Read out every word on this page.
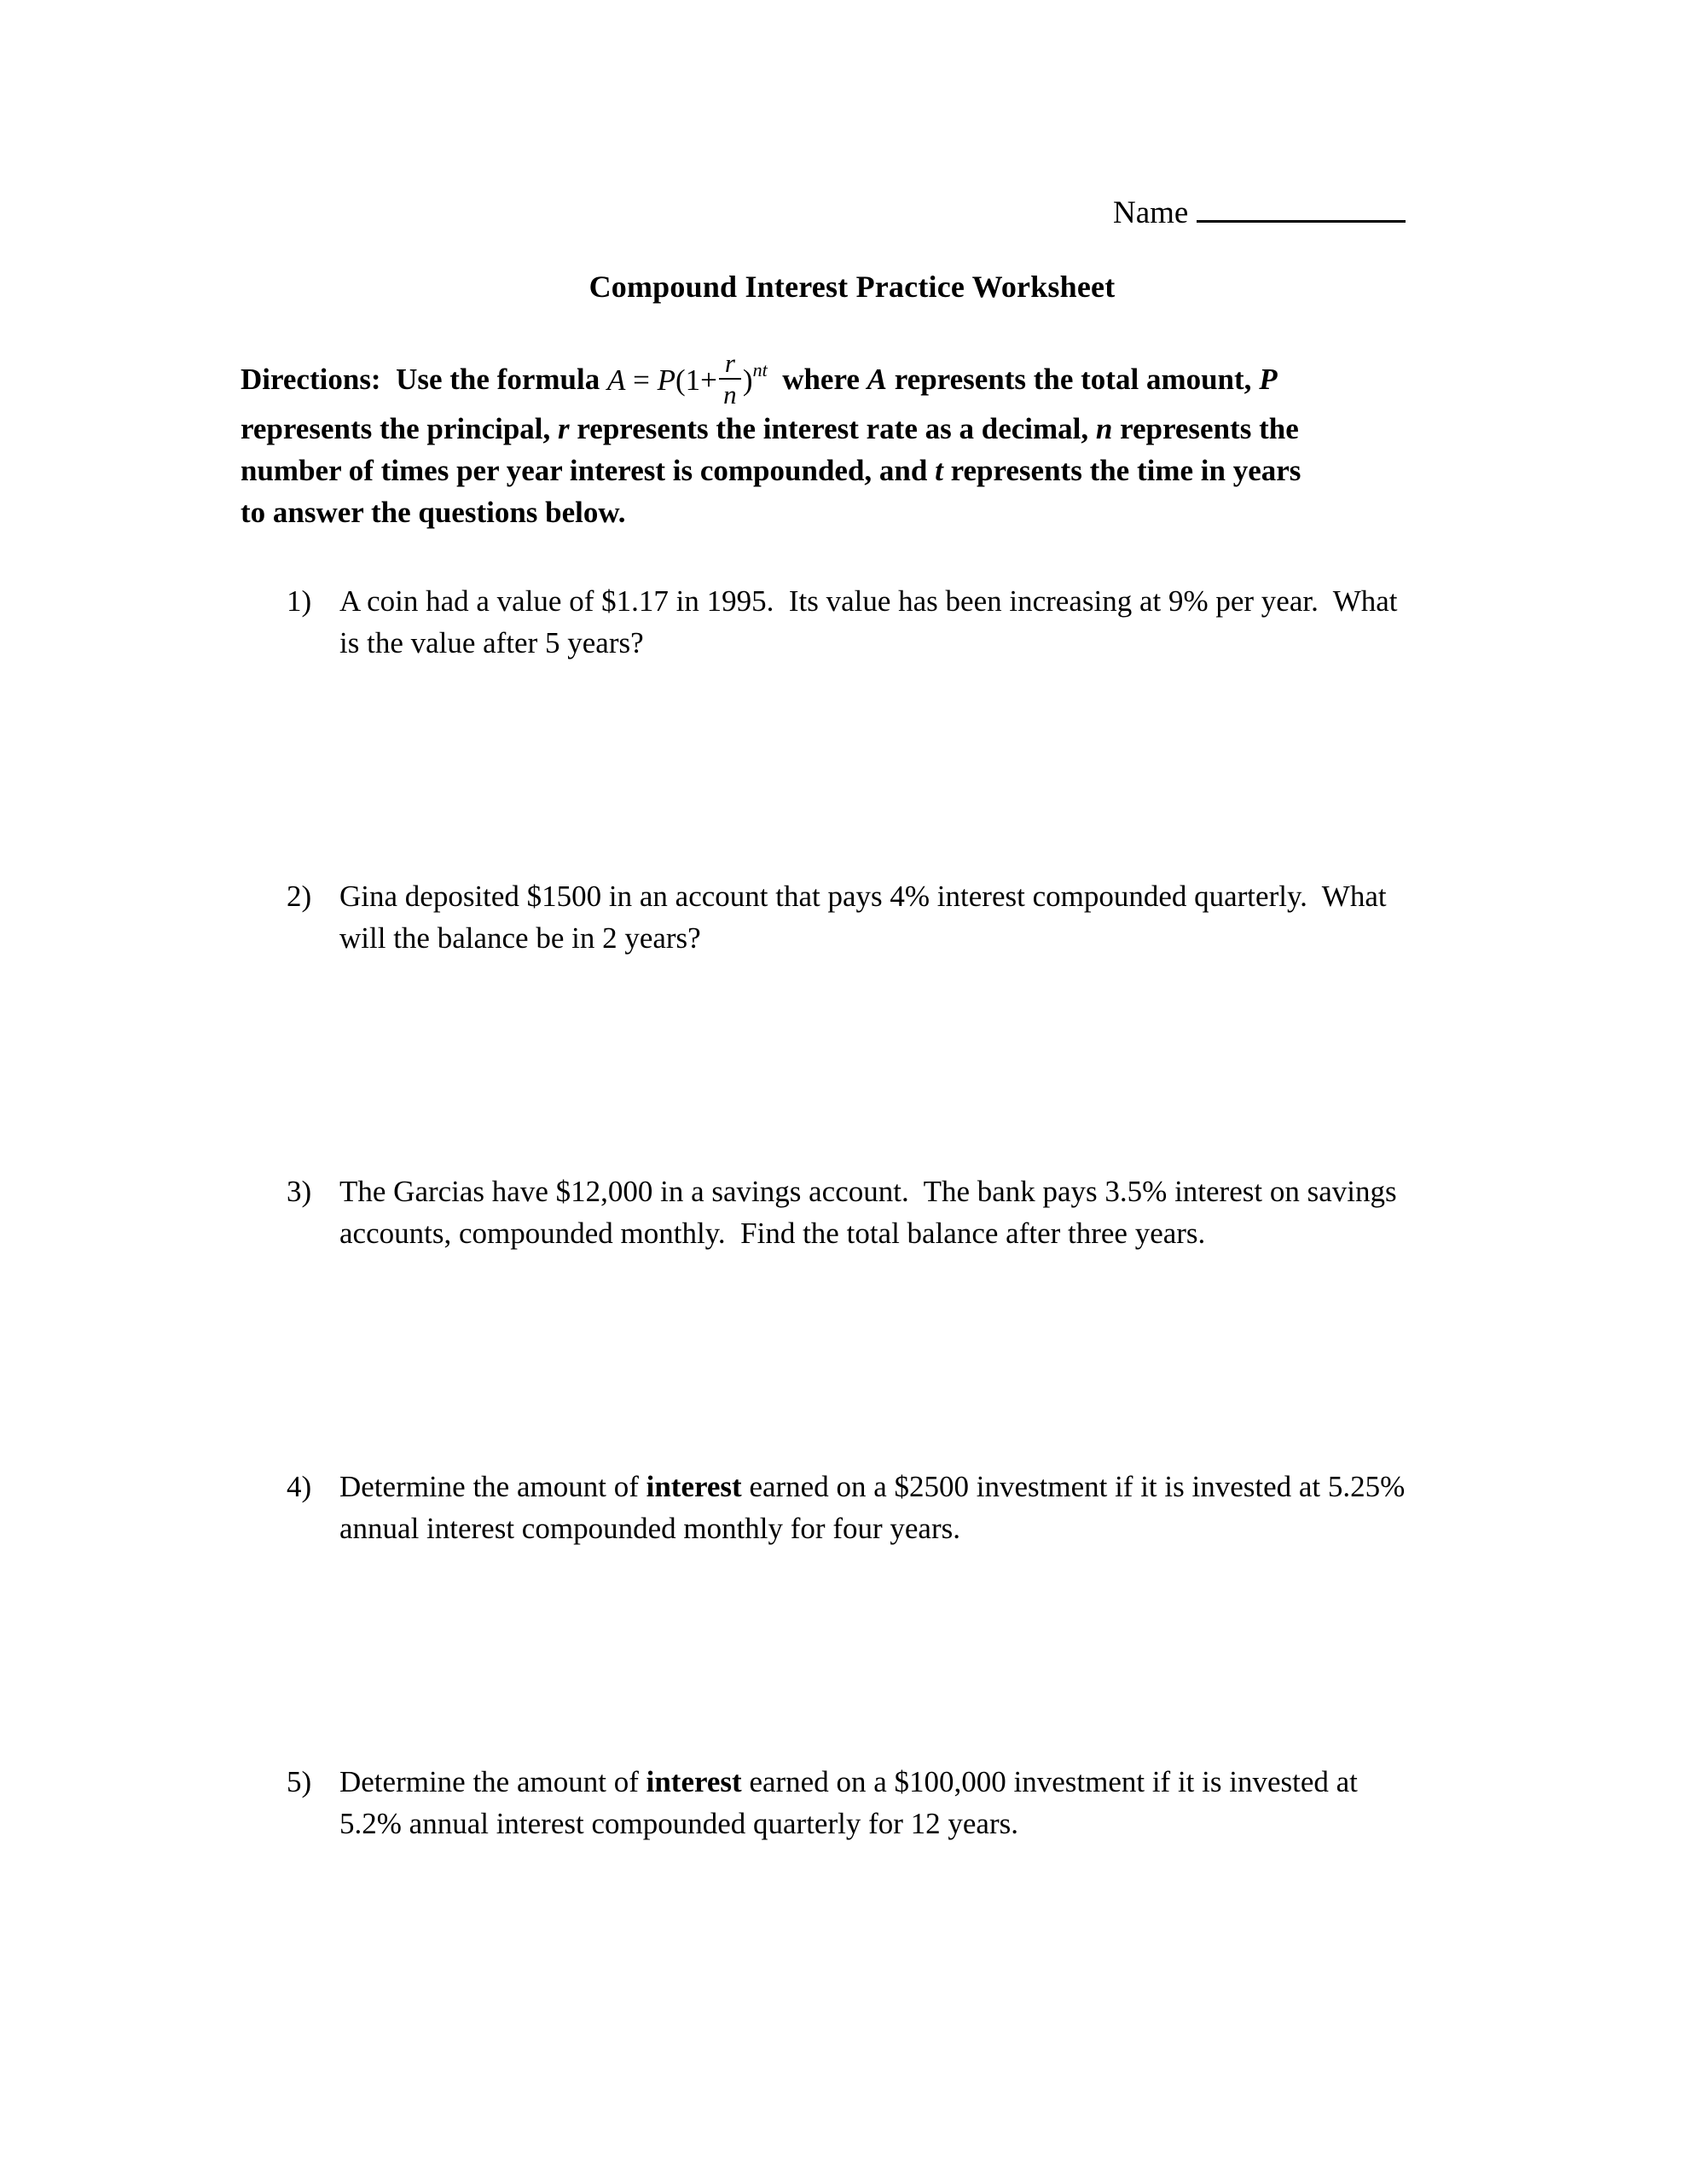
Name
Compound Interest Practice Worksheet
Directions:  Use the formula A = P ($1 + \frac{r}{n}$ ) nt where A represents the total amount, P
represents the principal, r represents the interest rate as a decimal, n represents the
number of times per year interest is compounded, and t represents the time in years
to answer the questions below.
1) A coin had a value of $1.17 in 1995.  Its value has been increasing at 9% per year.  What is the value after 5 years?
2) Gina deposited $1500 in an account that pays 4% interest compounded quarterly.  What will the balance be in 2 years?
3) The Garcias have $12,000 in a savings account.  The bank pays 3.5% interest on savings accounts, compounded monthly.  Find the total balance after three years.
4) Determine the amount of interest earned on a $2500 investment if it is invested at 5.25% annual interest compounded monthly for four years.
5) Determine the amount of interest earned on a $100,000 investment if it is invested at 5.2% annual interest compounded quarterly for 12 years.
